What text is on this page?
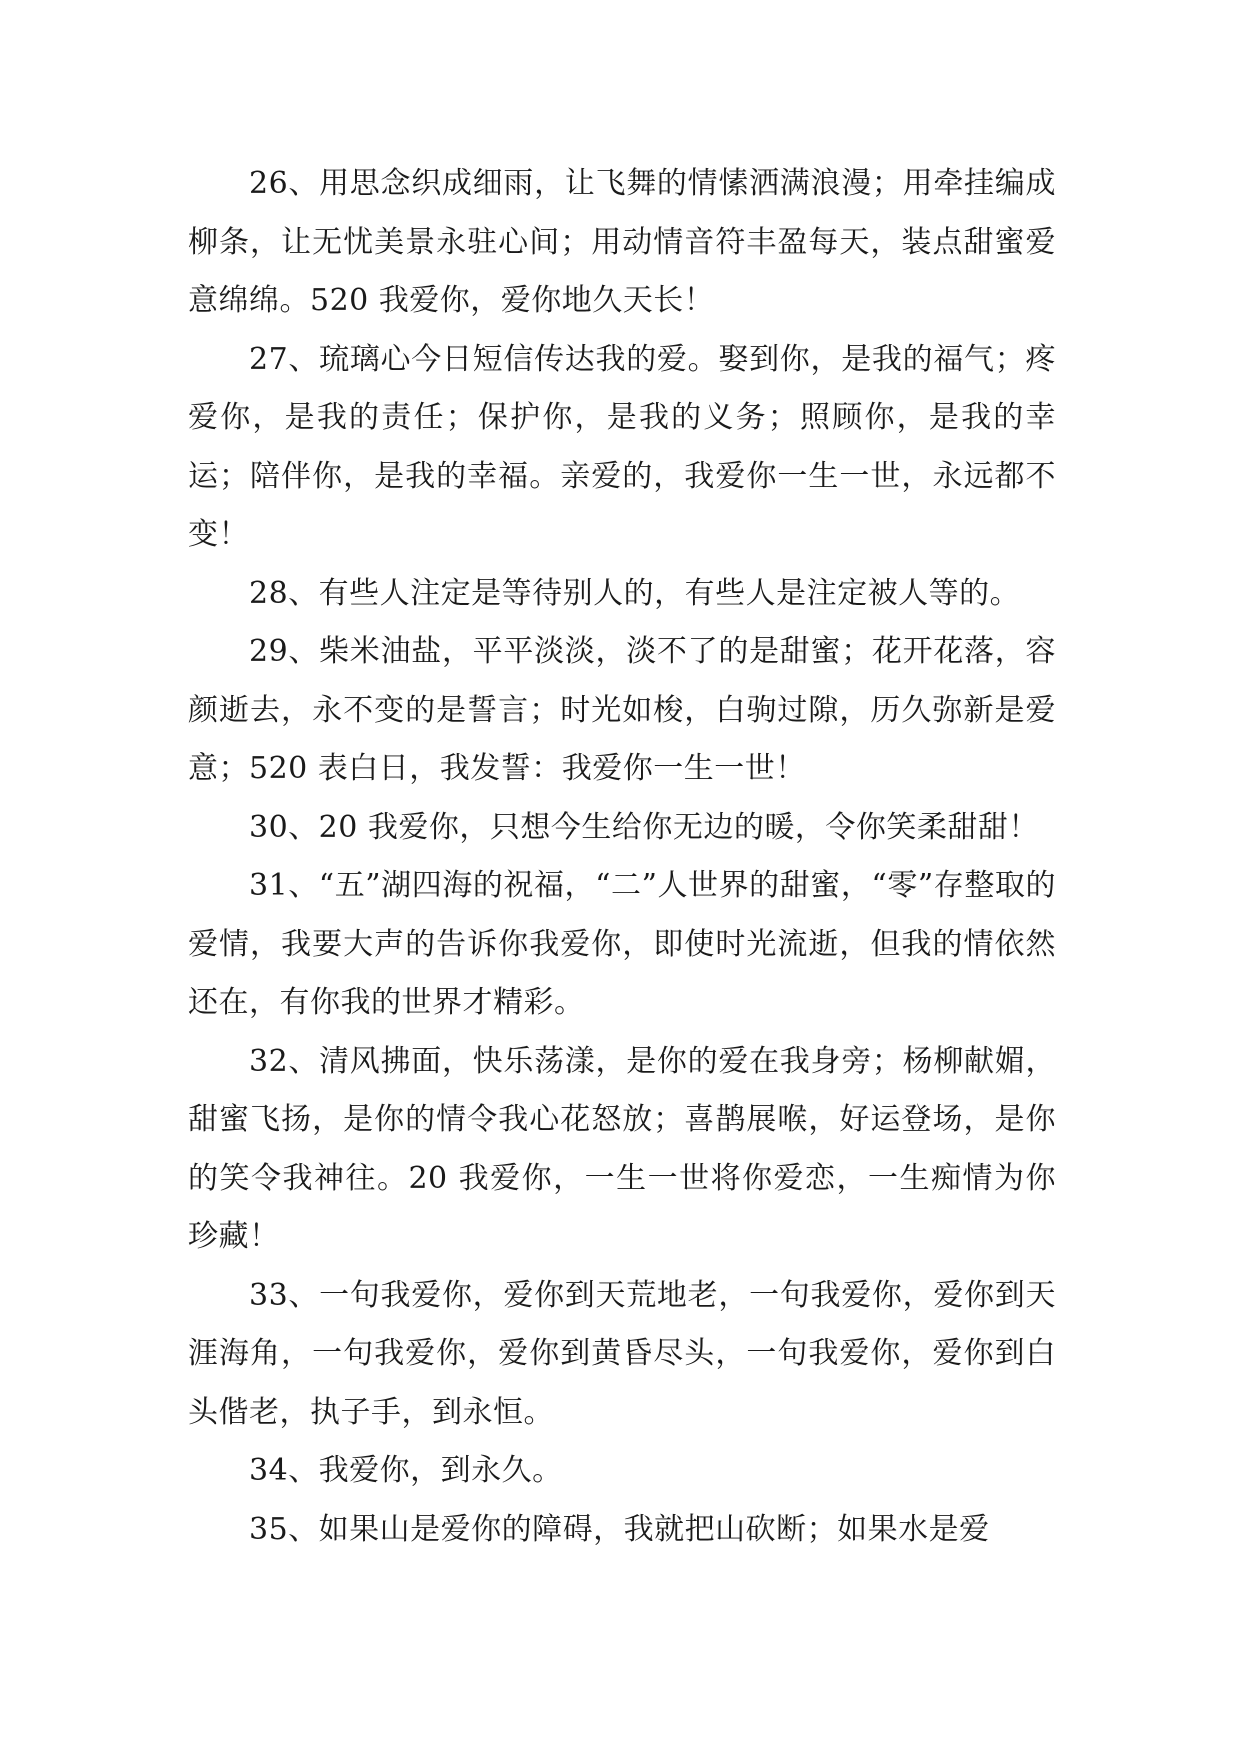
26、用思念织成细雨，让飞舞的情愫洒满浪漫；用牵挂编成柳条，让无忧美景永驻心间；用动情音符丰盈每天，装点甜蜜爱意绵绵。520 我爱你，爱你地久天长！

27、琉璃心今日短信传达我的爱。娶到你，是我的福气；疼爱你，是我的责任；保护你，是我的义务；照顾你，是我的幸运；陪伴你，是我的幸福。亲爱的，我爱你一生一世，永远都不变！

28、有些人注定是等待别人的，有些人是注定被人等的。

29、柴米油盐，平平淡淡，淡不了的是甜蜜；花开花落，容颜逝去，永不变的是誓言；时光如梭，白驹过隙，历久弥新是爱意；520 表白日，我发誓：我爱你一生一世！

30、20 我爱你，只想今生给你无边的暖，令你笑柔甜甜！

31、“五”湖四海的祝福，“二”人世界的甜蜜，“零”存整取的爱情，我要大声的告诉你我爱你，即使时光流逝，但我的情依然还在，有你我的世界才精彩。

32、清风拂面，快乐荡漾，是你的爱在我身旁；杨柳献媚，甜蜜飞扬，是你的情令我心花怒放；喜鹊展喉，好运登场，是你的笑令我神往。20 我爱你，一生一世将你爱恋，一生痴情为你珍藏！

33、一句我爱你，爱你到天荒地老，一句我爱你，爱你到天涯海角，一句我爱你，爱你到黄昏尽头，一句我爱你，爱你到白头偕老，执子手，到永恒。

34、我爱你，到永久。

35、如果山是爱你的障碍，我就把山砍断；如果水是爱
